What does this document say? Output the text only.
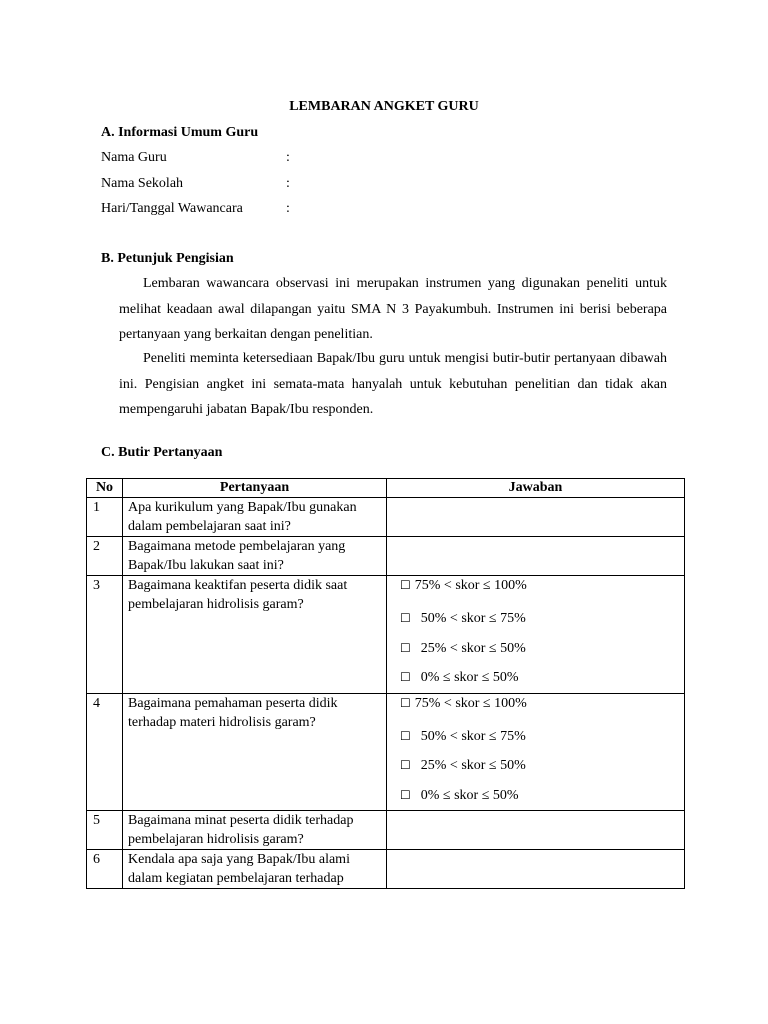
LEMBARAN ANGKET GURU
A. Informasi Umum Guru
Nama Guru	:
Nama Sekolah	:
Hari/Tanggal Wawancara	:
B. Petunjuk Pengisian

Lembaran wawancara observasi ini merupakan instrumen yang digunakan peneliti untuk melihat keadaan awal dilapangan yaitu SMA N 3 Payakumbuh. Instrumen ini berisi beberapa pertanyaan yang berkaitan dengan penelitian.

Peneliti meminta ketersediaan Bapak/Ibu guru untuk mengisi butir-butir pertanyaan dibawah ini. Pengisian angket ini semata-mata hanyalah untuk kebutuhan penelitian dan tidak akan mempengaruhi jabatan Bapak/Ibu responden.

C. Butir Pertanyaan
No	Pertanyaan	Jawaban
1	Apa kurikulum yang Bapak/Ibu gunakan dalam pembelajaran saat ini?	
2	Bagaimana metode pembelajaran yang Bapak/Ibu lakukan saat ini?	
3	Bagaimana keaktifan peserta didik saat pembelajaran hidrolisis garam?	☐ 75% < skor ≤ 100%
☐ 50% < skor ≤ 75%
☐ 25% < skor ≤ 50%
☐ 0% ≤ skor ≤ 50%

4	Bagaimana pemahaman peserta didik terhadap materi hidrolisis garam?	☐ 75% < skor ≤ 100%
☐ 50% < skor ≤ 75%
☐ 25% < skor ≤ 50%
☐ 0% ≤ skor ≤ 50%

5	Bagaimana minat peserta didik terhadap pembelajaran hidrolisis garam?	
6	Kendala apa saja yang Bapak/Ibu alami dalam kegiatan pembelajaran terhadap	
